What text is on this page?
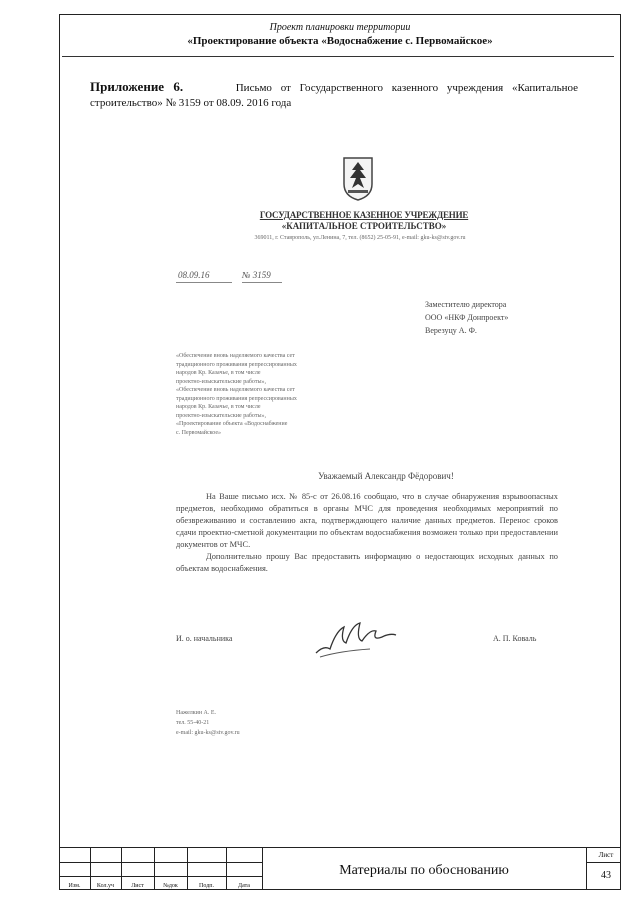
Проект планировки территории
«Проектирование объекта «Водоснабжение с. Первомайское»
Приложение 6.	Письмо от Государственного казенного учреждения «Капитальное строительство» № 3159 от 08.09. 2016 года
ГОСУДАРСТВЕННОЕ КАЗЕННОЕ УЧРЕЖДЕНИЕ
«КАПИТАЛЬНОЕ СТРОИТЕЛЬСТВО»
369011, г. Ставрополь, ул.Ленина, 7, тел. (8652) 25-05-91, e-mail: gku-ks@stv.gov.ru
08.09.16	№ 3159
Заместителю директора
ООО «НКФ Донпроект»
Верезуцу А. Ф.
«Обеспечение вновь наделяемого качества сет
традиционного проживания репрессированных
народов Кр. Казачье, в том числе
проектно-изыскательские работы»,
«Обеспечение вновь наделяемого качества сет
традиционного проживания репрессированных
народов Кр. Казачье, в том числе
проектно-изыскательские работы»,
«Проектирование объекта «Водоснабжение
с. Первомайское»
Уважаемый Александр Фёдорович!

На Ваше письмо исх. № 85-с от 26.08.16 сообщаю, что в случае обнаружения взрывоопасных предметов, необходимо обратиться в органы МЧС для проведения необходимых мероприятий по обезвреживанию и составлению акта, подтверждающего наличие данных предметов. Перенос сроков сдачи проектно-сметной документации по объектам водоснабжения возможен только при предоставлении документов от МЧС.

Дополнительно прошу Вас предоставить информацию о недостающих исходных данных по объектам водоснабжения.

И. о. начальника	А. П. Коваль
Нажелкин А. Е.
тел. 55-40-21
e-mail: gku-ks@stv.gov.ru
Изм.	Кол.уч	Лист	№док	Подп.	Дата
Материалы по обоснованию
Лист
43
